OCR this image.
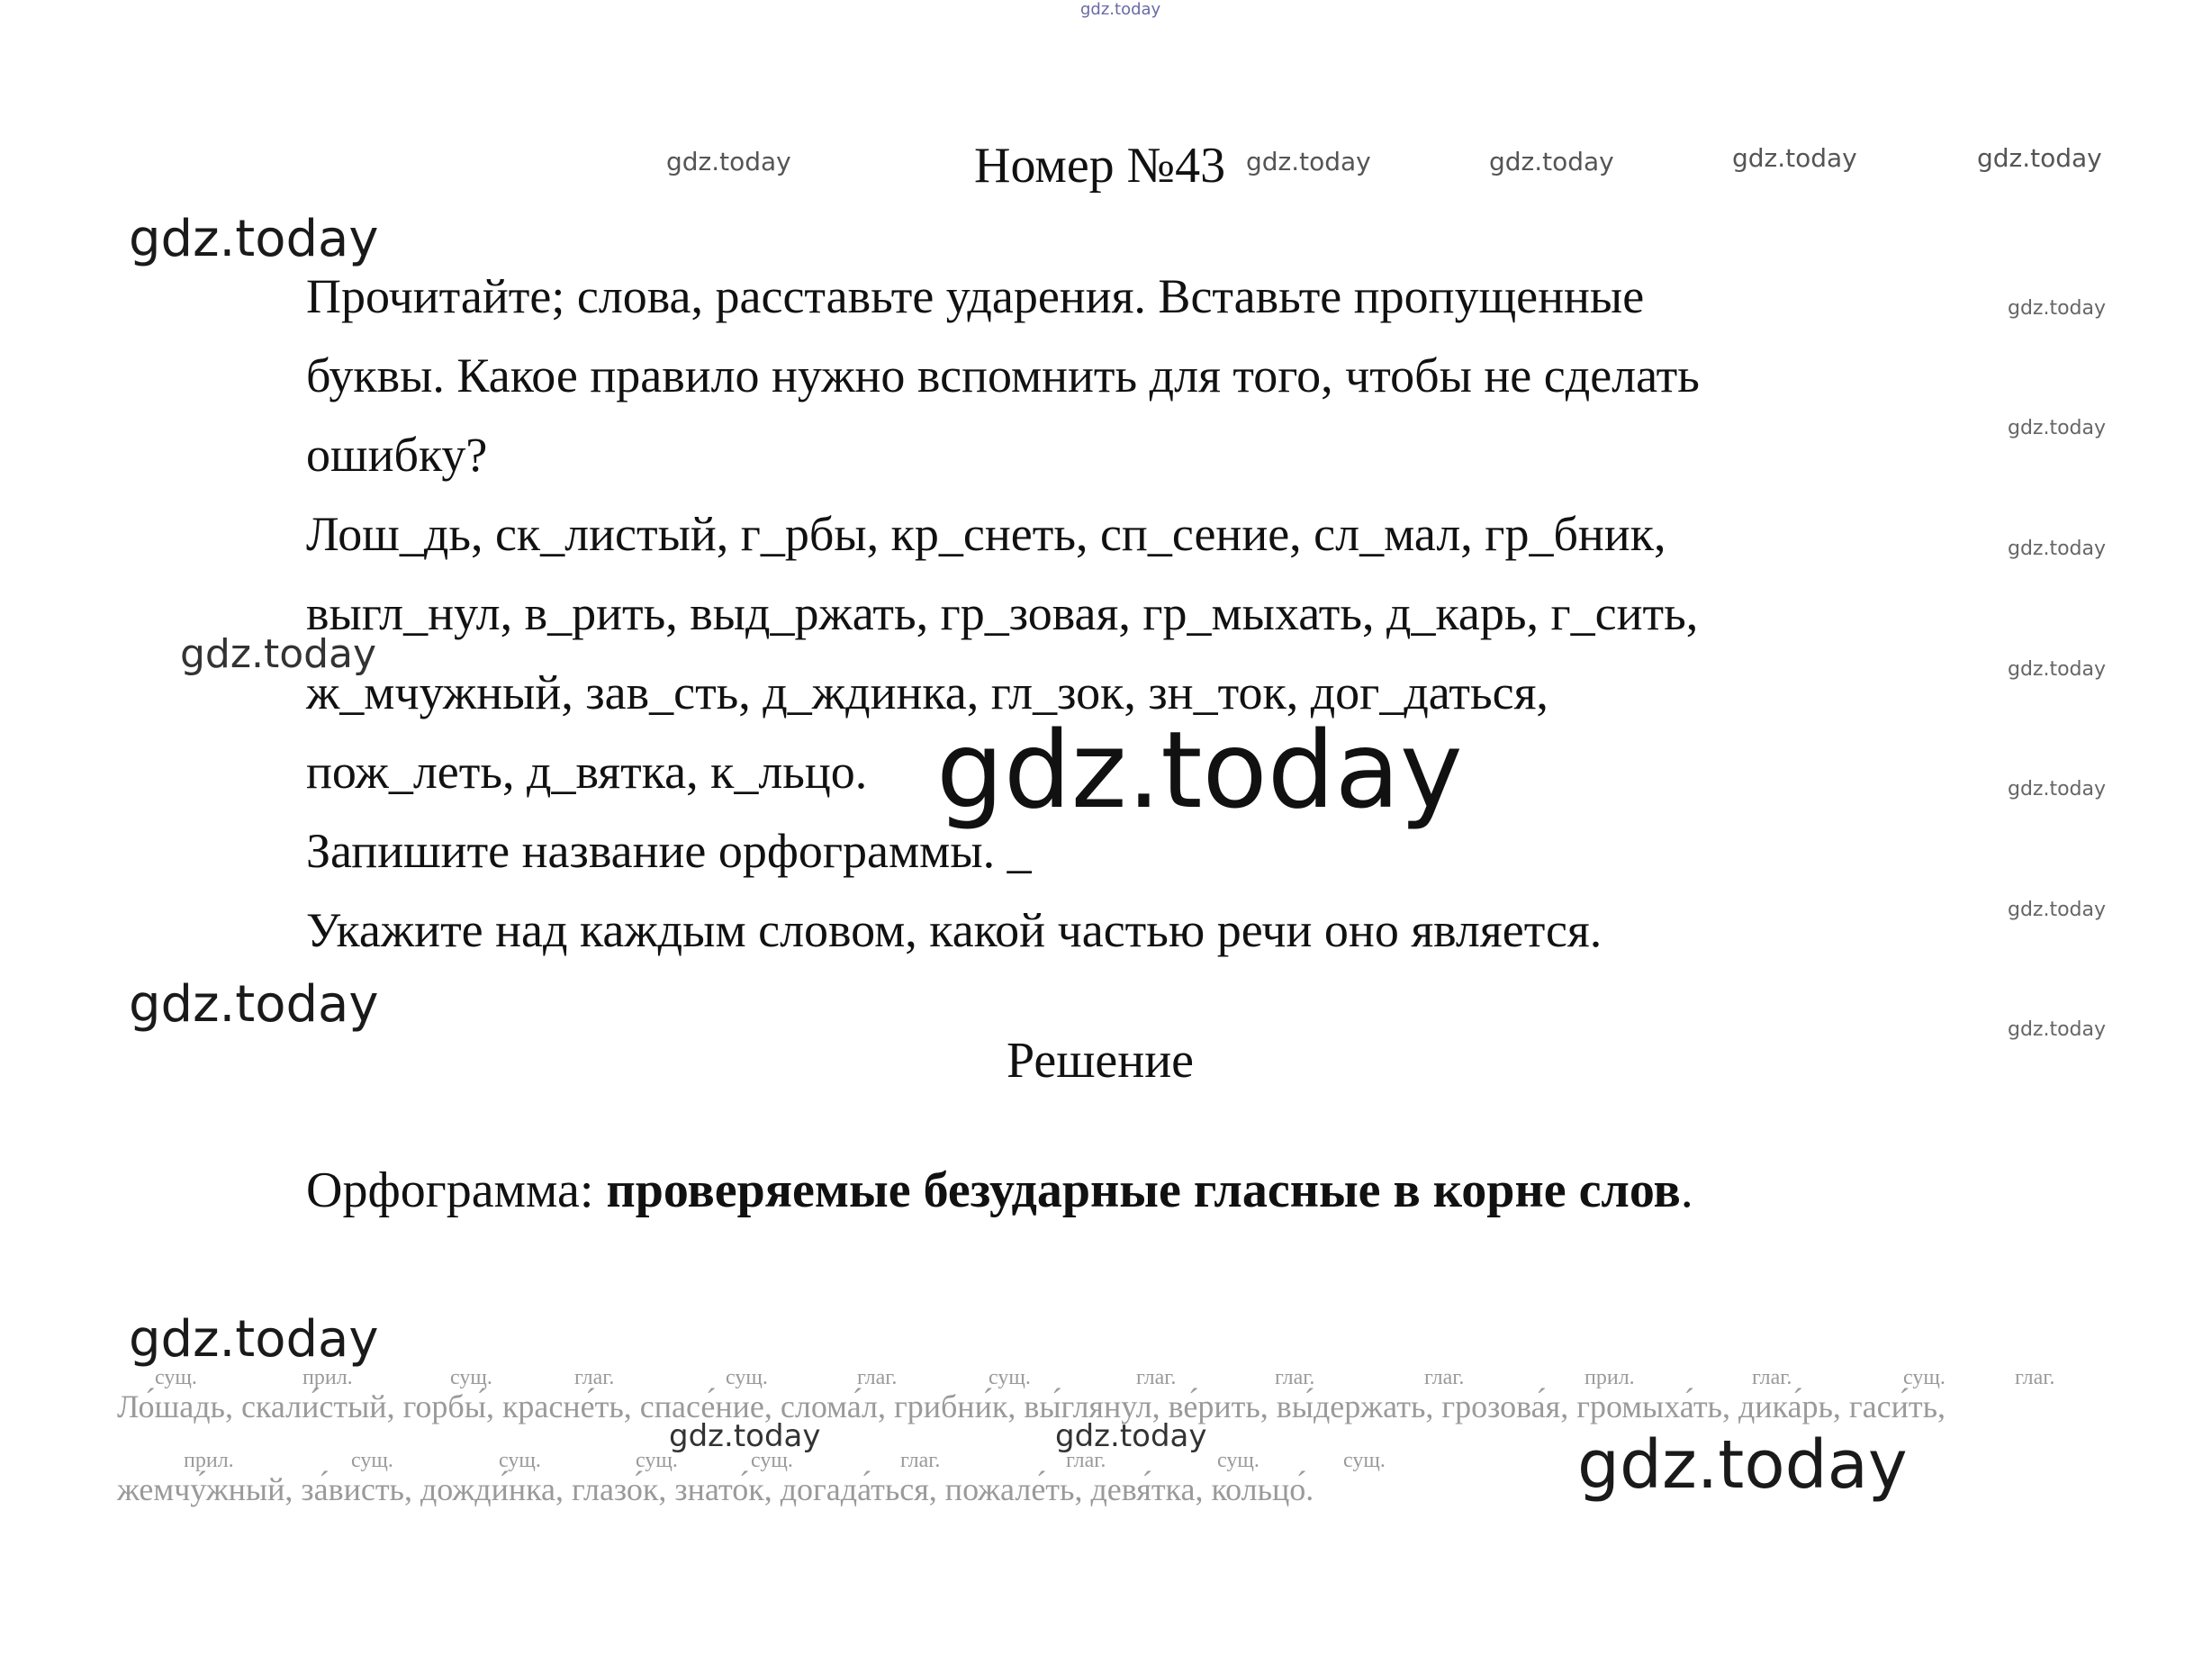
gdz.today
gdz.today	gdz.today	gdz.today	gdz.today	gdz.today
gdz.today
gdz.today
gdz.today
gdz.today
gdz.today
gdz.today
gdz.today
gdz.today
gdz.today
gdz.today
gdz.today
gdz.today
gdz.today
gdz.today	gdz.today
Номер №43
Прочитайте; слова, расставьте ударения. Вставьте пропущенные
буквы. Какое правило нужно вспомнить для того, чтобы не сделать
ошибку?
Лош_дь, ск_листый, г_рбы, кр_снеть, сп_сение, сл_мал, гр_бник,
выгл_нул, в_рить, выд_ржать, гр_зовая, гр_мыхать, д_карь, г_сить,
ж_мчужный, зав_сть, д_ждинка, гл_зок, зн_ток, дог_даться,
пож_леть, д_вятка, к_льцо.
Запишите название орфограммы. _
Укажите над каждым словом, какой частью речи оно является.
Решение
Орфограмма: проверяемые безударные гласные в корне слов.
сущ.	прил.	сущ.	глаг.	сущ.	глаг.	сущ.	глаг.	глаг.	глаг.	прил.	глаг.	сущ.	глаг.
Ло́шадь, скали́стый, горбы́, красне́ть, спасе́ние, слома́л, грибни́к, вы́глянул, ве́рить, вы́держать, грозова́я, громыха́ть, дика́рь, гаси́ть,
прил.	сущ.	сущ.	сущ.	сущ.	глаг.	глаг.	сущ.	сущ.
жемчу́жный, за́висть, дожди́нка, глазо́к, знато́к, догада́ться, пожале́ть, девя́тка, кольцо́.
